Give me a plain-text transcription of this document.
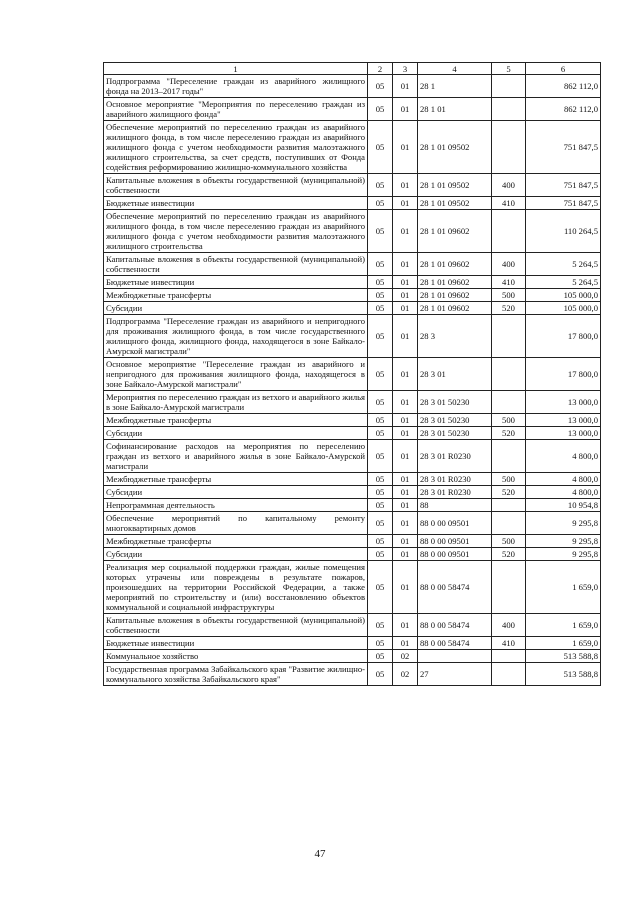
1	2	3	4	5	6
Подпрограмма "Переселение граждан из аварийного жилищного фонда на 2013–2017 годы"	05	01	28 1		862 112,0
Основное мероприятие "Мероприятия по переселению граждан из аварийного жилищного фонда"	05	01	28 1 01		862 112,0
Обеспечение мероприятий по переселению граждан из аварийного жилищного фонда, в том числе переселению граждан из аварийного жилищного фонда с учетом необходимости развития малоэтажного жилищного строительства, за счет средств, поступивших от Фонда содействия реформированию жилищно-коммунального хозяйства	05	01	28 1 01 09502		751 847,5
Капитальные вложения в объекты государственной (муниципальной) собственности	05	01	28 1 01 09502	400	751 847,5
Бюджетные инвестиции	05	01	28 1 01 09502	410	751 847,5
Обеспечение мероприятий по переселению граждан из аварийного жилищного фонда, в том числе переселению граждан из аварийного жилищного фонда с учетом необходимости развития малоэтажного жилищного строительства	05	01	28 1 01 09602		110 264,5
Капитальные вложения в объекты государственной (муниципальной) собственности	05	01	28 1 01 09602	400	5 264,5
Бюджетные инвестиции	05	01	28 1 01 09602	410	5 264,5
Межбюджетные трансферты	05	01	28 1 01 09602	500	105 000,0
Субсидии	05	01	28 1 01 09602	520	105 000,0
Подпрограмма "Переселение граждан из аварийного и непригодного для проживания жилищного фонда, в том числе государственного жилищного фонда, жилищного фонда, находящегося в зоне Байкало-Амурской магистрали"	05	01	28 3		17 800,0
Основное мероприятие "Переселение граждан из аварийного и непригодного для проживания жилищного фонда, находящегося в зоне Байкало-Амурской магистрали"	05	01	28 3 01		17 800,0
Мероприятия по переселению граждан из ветхого и аварийного жилья в зоне Байкало-Амурской магистрали	05	01	28 3 01 50230		13 000,0
Межбюджетные трансферты	05	01	28 3 01 50230	500	13 000,0
Субсидии	05	01	28 3 01 50230	520	13 000,0
Софинансирование расходов на мероприятия по переселению граждан из ветхого и аварийного жилья в зоне Байкало-Амурской магистрали	05	01	28 3 01 R0230		4 800,0
Межбюджетные трансферты	05	01	28 3 01 R0230	500	4 800,0
Субсидии	05	01	28 3 01 R0230	520	4 800,0
Непрограммная деятельность	05	01	88		10 954,8
Обеспечение мероприятий по капитальному ремонту многоквартирных домов	05	01	88 0 00 09501		9 295,8
Межбюджетные трансферты	05	01	88 0 00 09501	500	9 295,8
Субсидии	05	01	88 0 00 09501	520	9 295,8
Реализация мер социальной поддержки граждан, жилые помещения которых утрачены или повреждены в результате пожаров, произошедших на территории Российской Федерации, а также мероприятий по строительству и (или) восстановлению объектов коммунальной и социальной инфраструктуры	05	01	88 0 00 58474		1 659,0
Капитальные вложения в объекты государственной (муниципальной) собственности	05	01	88 0 00 58474	400	1 659,0
Бюджетные инвестиции	05	01	88 0 00 58474	410	1 659,0
Коммунальное хозяйство	05	02			513 588,8
Государственная программа Забайкальского края "Развитие жилищно-коммунального хозяйства Забайкальского края"	05	02	27		513 588,8
47
